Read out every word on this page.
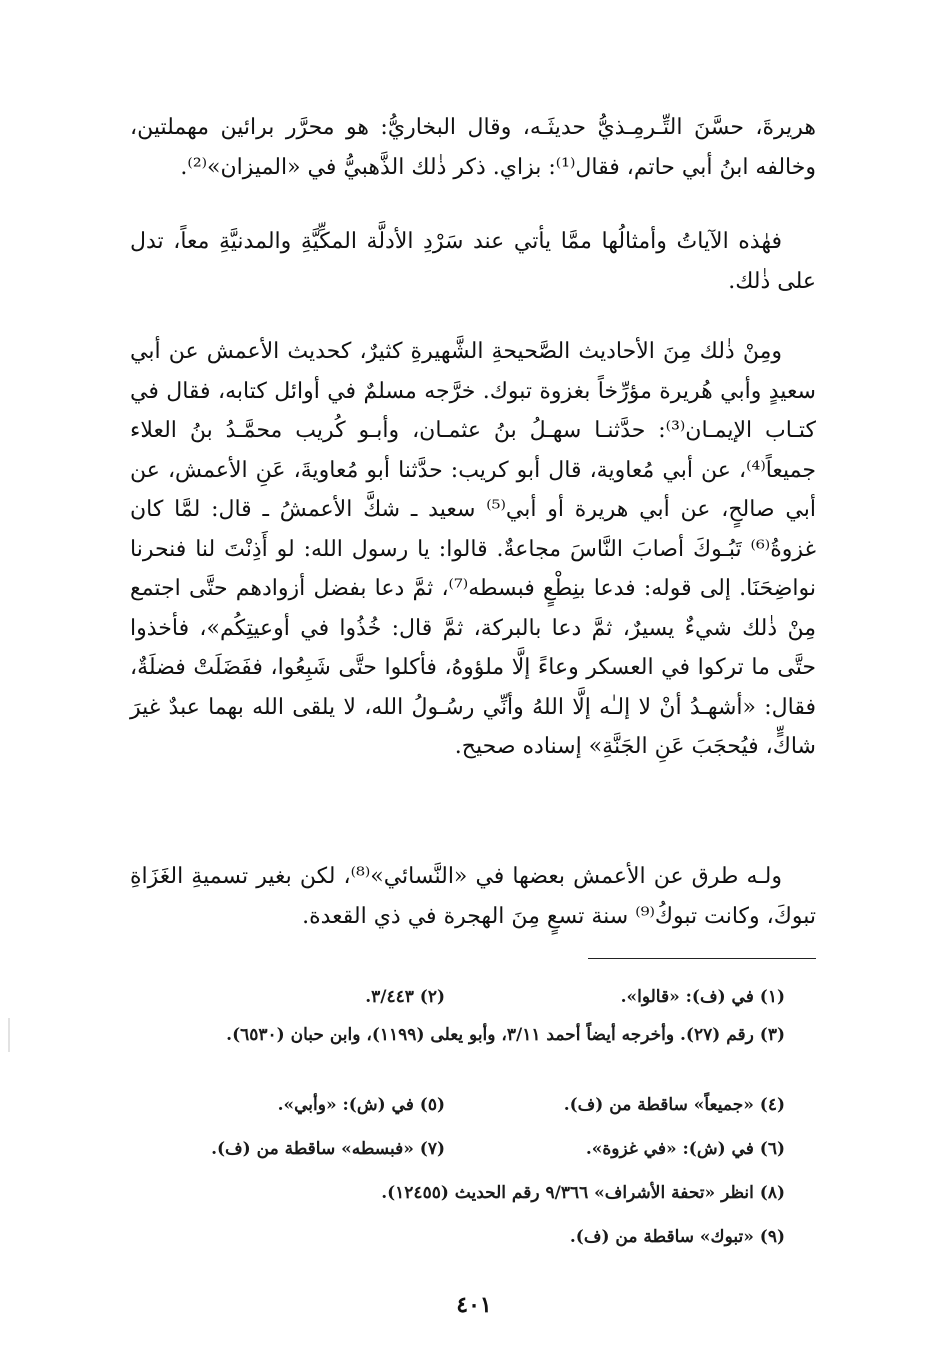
هريرةَ، حسَّنَ التِّـرمِـذيُّ حديثَـه، وقال البخاريُّ: هو محرَّر برائين مهملتين، وخالفه ابنُ أبي حاتم، فقال⁽¹⁾: بزاي. ذكر ذٰلك الذَّهبيُّ في «الميزان»⁽²⁾.

فهٰذه الآياتُ وأمثالُها ممَّا يأتي عند سَرْدِ الأدلَّة المكِّيَّةِ والمدنيَّةِ معاً، تدل على ذٰلك.

ومِنْ ذٰلك مِنَ الأحاديث الصَّحيحةِ الشَّهيرةِ كثيرٌ، كحديث الأعمش عن أبي سعيدٍ وأبي هُريرة مؤرِّخاً بغزوة تبوك. خرَّجه مسلمٌ في أوائل كتابه، فقال في كتـاب الإيمـان⁽³⁾: حدَّثنـا سهـلُ بنُ عثمـان، وأبـو كُريب محمَّـدُ بنُ العلاء جميعاً⁽⁴⁾، عن أبي مُعاوية، قال أبو كريب: حدَّثنا أبو مُعاويةَ، عَنِ الأعمش، عن أبي صالحٍ، عن أبي هريرة أو أبي⁽⁵⁾ سعيد ـ شكَّ الأعمشُ ـ قال: لمَّا كان غزوةُ⁽⁶⁾ تَبُـوكَ أصابَ النَّاسَ مجاعةٌ. قالوا: يا رسول الله: لو أَذِنْتَ لنا فنحرنا نواضِحَنَا. إلى قوله: فدعا بنِطْعٍ فبسطه⁽⁷⁾، ثمَّ دعا بفضل أزوادهم حتَّى اجتمع مِنْ ذٰلك شيءٌ يسيرٌ، ثمَّ دعا بالبركة، ثمَّ قال: خُذُوا في أوعيتِكُم»، فأخذوا حتَّى ما تركوا في العسكر وعاءً إلَّا ملؤوهُ، فأكلوا حتَّى شَبِعُوا، ففَضَلَتْ فضلَةٌ، فقال: «أشهـدُ أنْ لا إلـٰه إلَّا اللهُ وأنِّي رسُـولُ الله، لا يلقى الله بهما عبدٌ غيرَ شاكٍّ، فيُحجَبَ عَنِ الجَنَّةِ» إسناده صحيح.

ولـه طرق عن الأعمش بعضها في «النَّسائي»⁽⁸⁾، لكن بغير تسميةِ الغَزَاةِ تبوكَ، وكانت تبوكُ⁽⁹⁾ سنة تسعٍ مِنَ الهجرة في ذي القعدة.

(١) في (ف): «قالوا».
(٢) ٣/٤٤٣.
(٣) رقم (٢٧). وأخرجه أيضاً أحمد ٣/١١، وأبو يعلى (١١٩٩)، وابن حبان (٦٥٣٠).
(٤) «جميعاً» ساقطة من (ف).
(٥) في (ش): «وأبي».
(٦) في (ش): «في غزوة».
(٧) «فبسطه» ساقطة من (ف).
(٨) انظر «تحفة الأشراف» ٩/٣٦٦ رقم الحديث (١٢٤٥٥).
(٩) «تبوك» ساقطة من (ف).
٤٠١
